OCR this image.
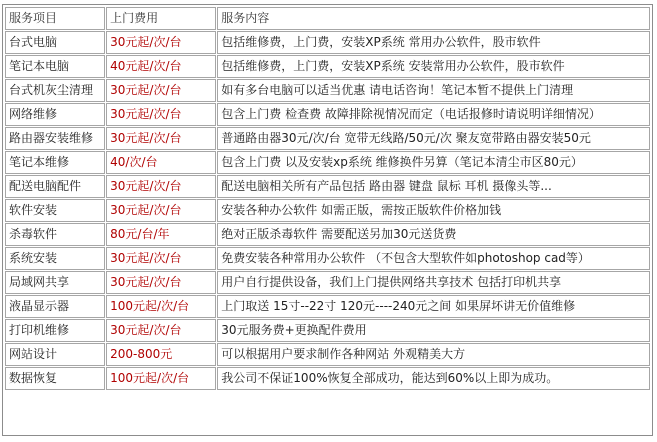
服务项目	上门费用	服务内容
台式电脑	30元起/次/台	包括维修费，上门费，安装XP系统 常用办公软件，股市软件
笔记本电脑	40元起/次/台	包括维修费，上门费，安装XP系统 安装常用办公软件，股市软件
台式机灰尘清理	30元起/次/台	如有多台电脑可以适当优惠 请电话咨询！笔记本暂不提供上门清理
网络维修	30元起/次/台	包含上门费 检查费 故障排除视情况而定（电话报修时请说明详细情况）
路由器安装维修	30元起/次/台	普通路由器30元/次/台 宽带无线路/50元/次 聚友宽带路由器安装50元
笔记本维修	40/次/台	包含上门费 以及安装xp系统 维修换件另算（笔记本清尘市区80元）
配送电脑配件	30元起/次/台	配送电脑相关所有产品包括 路由器 键盘 鼠标 耳机 摄像头等...
软件安装	30元起/次/台	安装各种办公软件 如需正版，需按正版软件价格加钱
杀毒软件	80元/台/年	绝对正版杀毒软件 需要配送另加30元送货费
系统安装	30元起/次/台	免费安装各种常用办公软件 （不包含大型软件如photoshop cad等）
局域网共享	30元起/次/台	用户自行提供设备，我们上门提供网络共享技术 包括打印机共享
液晶显示器	100元起/次/台	上门取送 15寸--22寸 120元----240元之间 如果屏坏讲无价值维修
打印机维修	30元起/次/台	30元服务费+更换配件费用
网站设计	200-800元	可以根据用户要求制作各种网站 外观精美大方
数据恢复	100元起/次/台	我公司不保证100%恢复全部成功，能达到60%以上即为成功。
